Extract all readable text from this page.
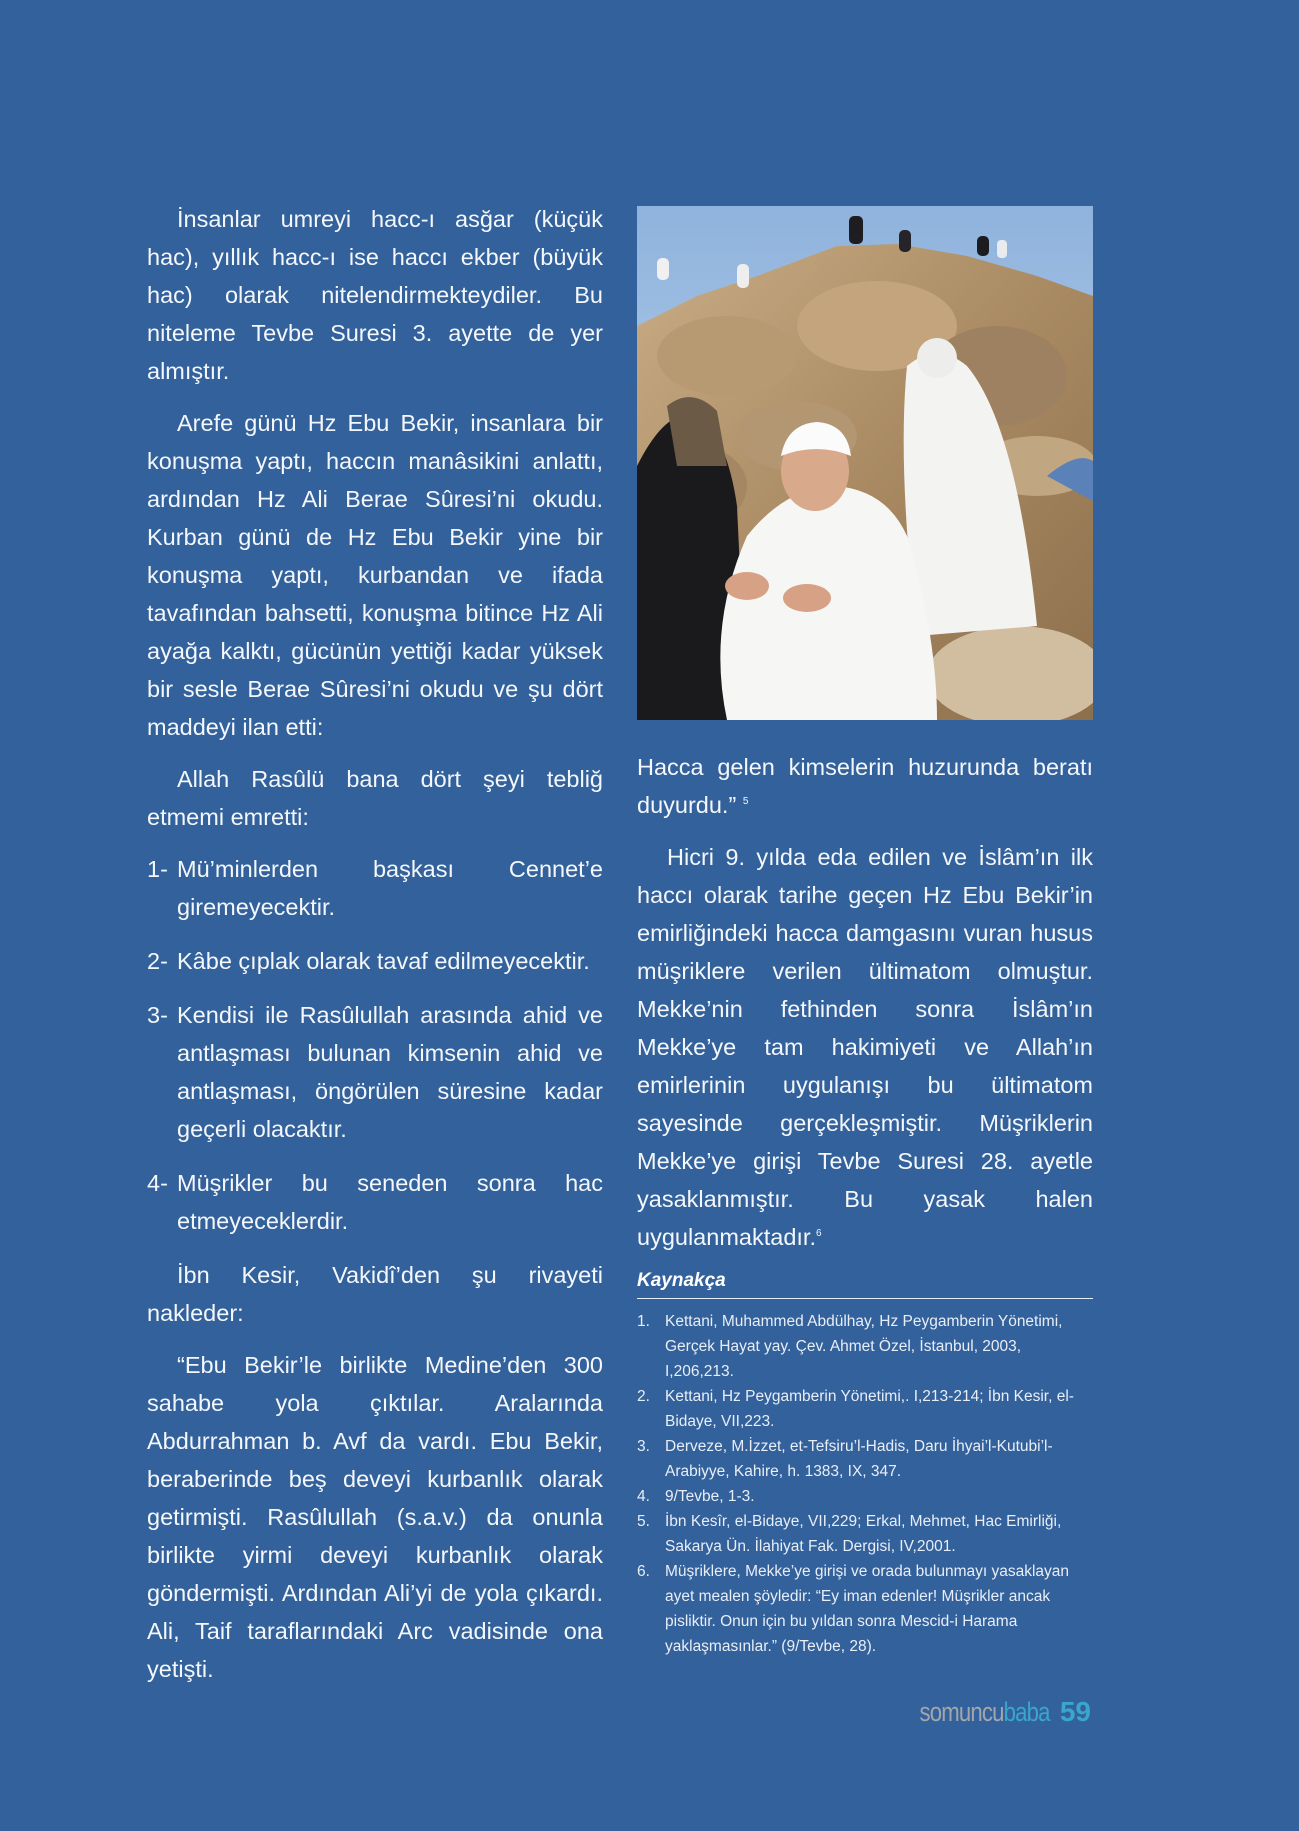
İnsanlar umreyi hacc-ı asğar (küçük hac), yıllık hacc-ı ise haccı ekber (büyük hac) olarak nitelendirmekteydiler. Bu niteleme Tevbe Suresi 3. ayette de yer almıştır.

Arefe günü Hz Ebu Bekir, insanlara bir konuşma yaptı, haccın manâsikini anlattı, ardından Hz Ali Berae Sûresi’ni okudu. Kurban günü de Hz Ebu Bekir yine bir konuşma yaptı, kurbandan ve ifada tavafından bahsetti, konuşma bitince Hz Ali ayağa kalktı, gücünün yettiği kadar yüksek bir sesle Berae Sûresi’ni okudu ve şu dört maddeyi ilan etti:

Allah Rasûlü bana dört şeyi tebliğ etmemi emretti:

1- Mü’minlerden başkası Cennet’e giremeyecektir.
2- Kâbe çıplak olarak tavaf edilmeyecektir.
3- Kendisi ile Rasûlullah arasında ahid ve antlaşması bulunan kimsenin ahid ve antlaşması, öngörülen süresine kadar geçerli olacaktır.
4- Müşrikler bu seneden sonra hac etmeyeceklerdir.

İbn Kesir, Vakidî’den şu rivayeti nakleder:

“Ebu Bekir’le birlikte Medine’den 300 sahabe yola çıktılar. Aralarında Abdurrahman b. Avf da vardı. Ebu Bekir, beraberinde beş deveyi kurbanlık olarak getirmişti. Rasûlullah (s.a.v.) da onunla birlikte yirmi deveyi kurbanlık olarak göndermişti. Ardından Ali’yi de yola çıkardı. Ali, Taif taraflarındaki Arc vadisinde ona yetişti.

Hacca gelen kimselerin huzurunda beratı duyurdu.” $^5$

Hicri 9. yılda eda edilen ve İslâm’ın ilk haccı olarak tarihe geçen Hz Ebu Bekir’in emirliğindeki hacca damgasını vuran husus müşriklere verilen ültimatom olmuştur. Mekke’nin fethinden sonra İslâm’ın Mekke’ye tam hakimiyeti ve Allah’ın emirlerinin uygulanışı bu ültimatom sayesinde gerçekleşmiştir. Müşriklerin Mekke’ye girişi Tevbe Suresi 28. ayetle yasaklanmıştır. Bu yasak halen uygulanmaktadır.$^6$

Kaynakça
1. Kettani, Muhammed Abdülhay, Hz Peygamberin Yönetimi, Gerçek Hayat yay. Çev. Ahmet Özel, İstanbul, 2003, I,206,213.
2. Kettani, Hz Peygamberin Yönetimi,. I,213-214; İbn Kesir, el-Bidaye, VII,223.
3. Derveze, M.İzzet, et-Tefsiru’l-Hadis, Daru İhyai’l-Kutubi’l-Arabiyye, Kahire, h. 1383, IX, 347.
4. 9/Tevbe, 1-3.
5. İbn Kesîr, el-Bidaye, VII,229; Erkal, Mehmet, Hac Emirliği, Sakarya Ün. İlahiyat Fak. Dergisi, IV,2001.
6. Müşriklere, Mekke’ye girişi ve orada bulunmayı yasaklayan ayet mealen şöyledir: “Ey iman edenler! Müşrikler ancak pisliktir. Onun için bu yıldan sonra Mescid-i Harama yaklaşmasınlar.” (9/Tevbe, 28).
somuncubaba 59
